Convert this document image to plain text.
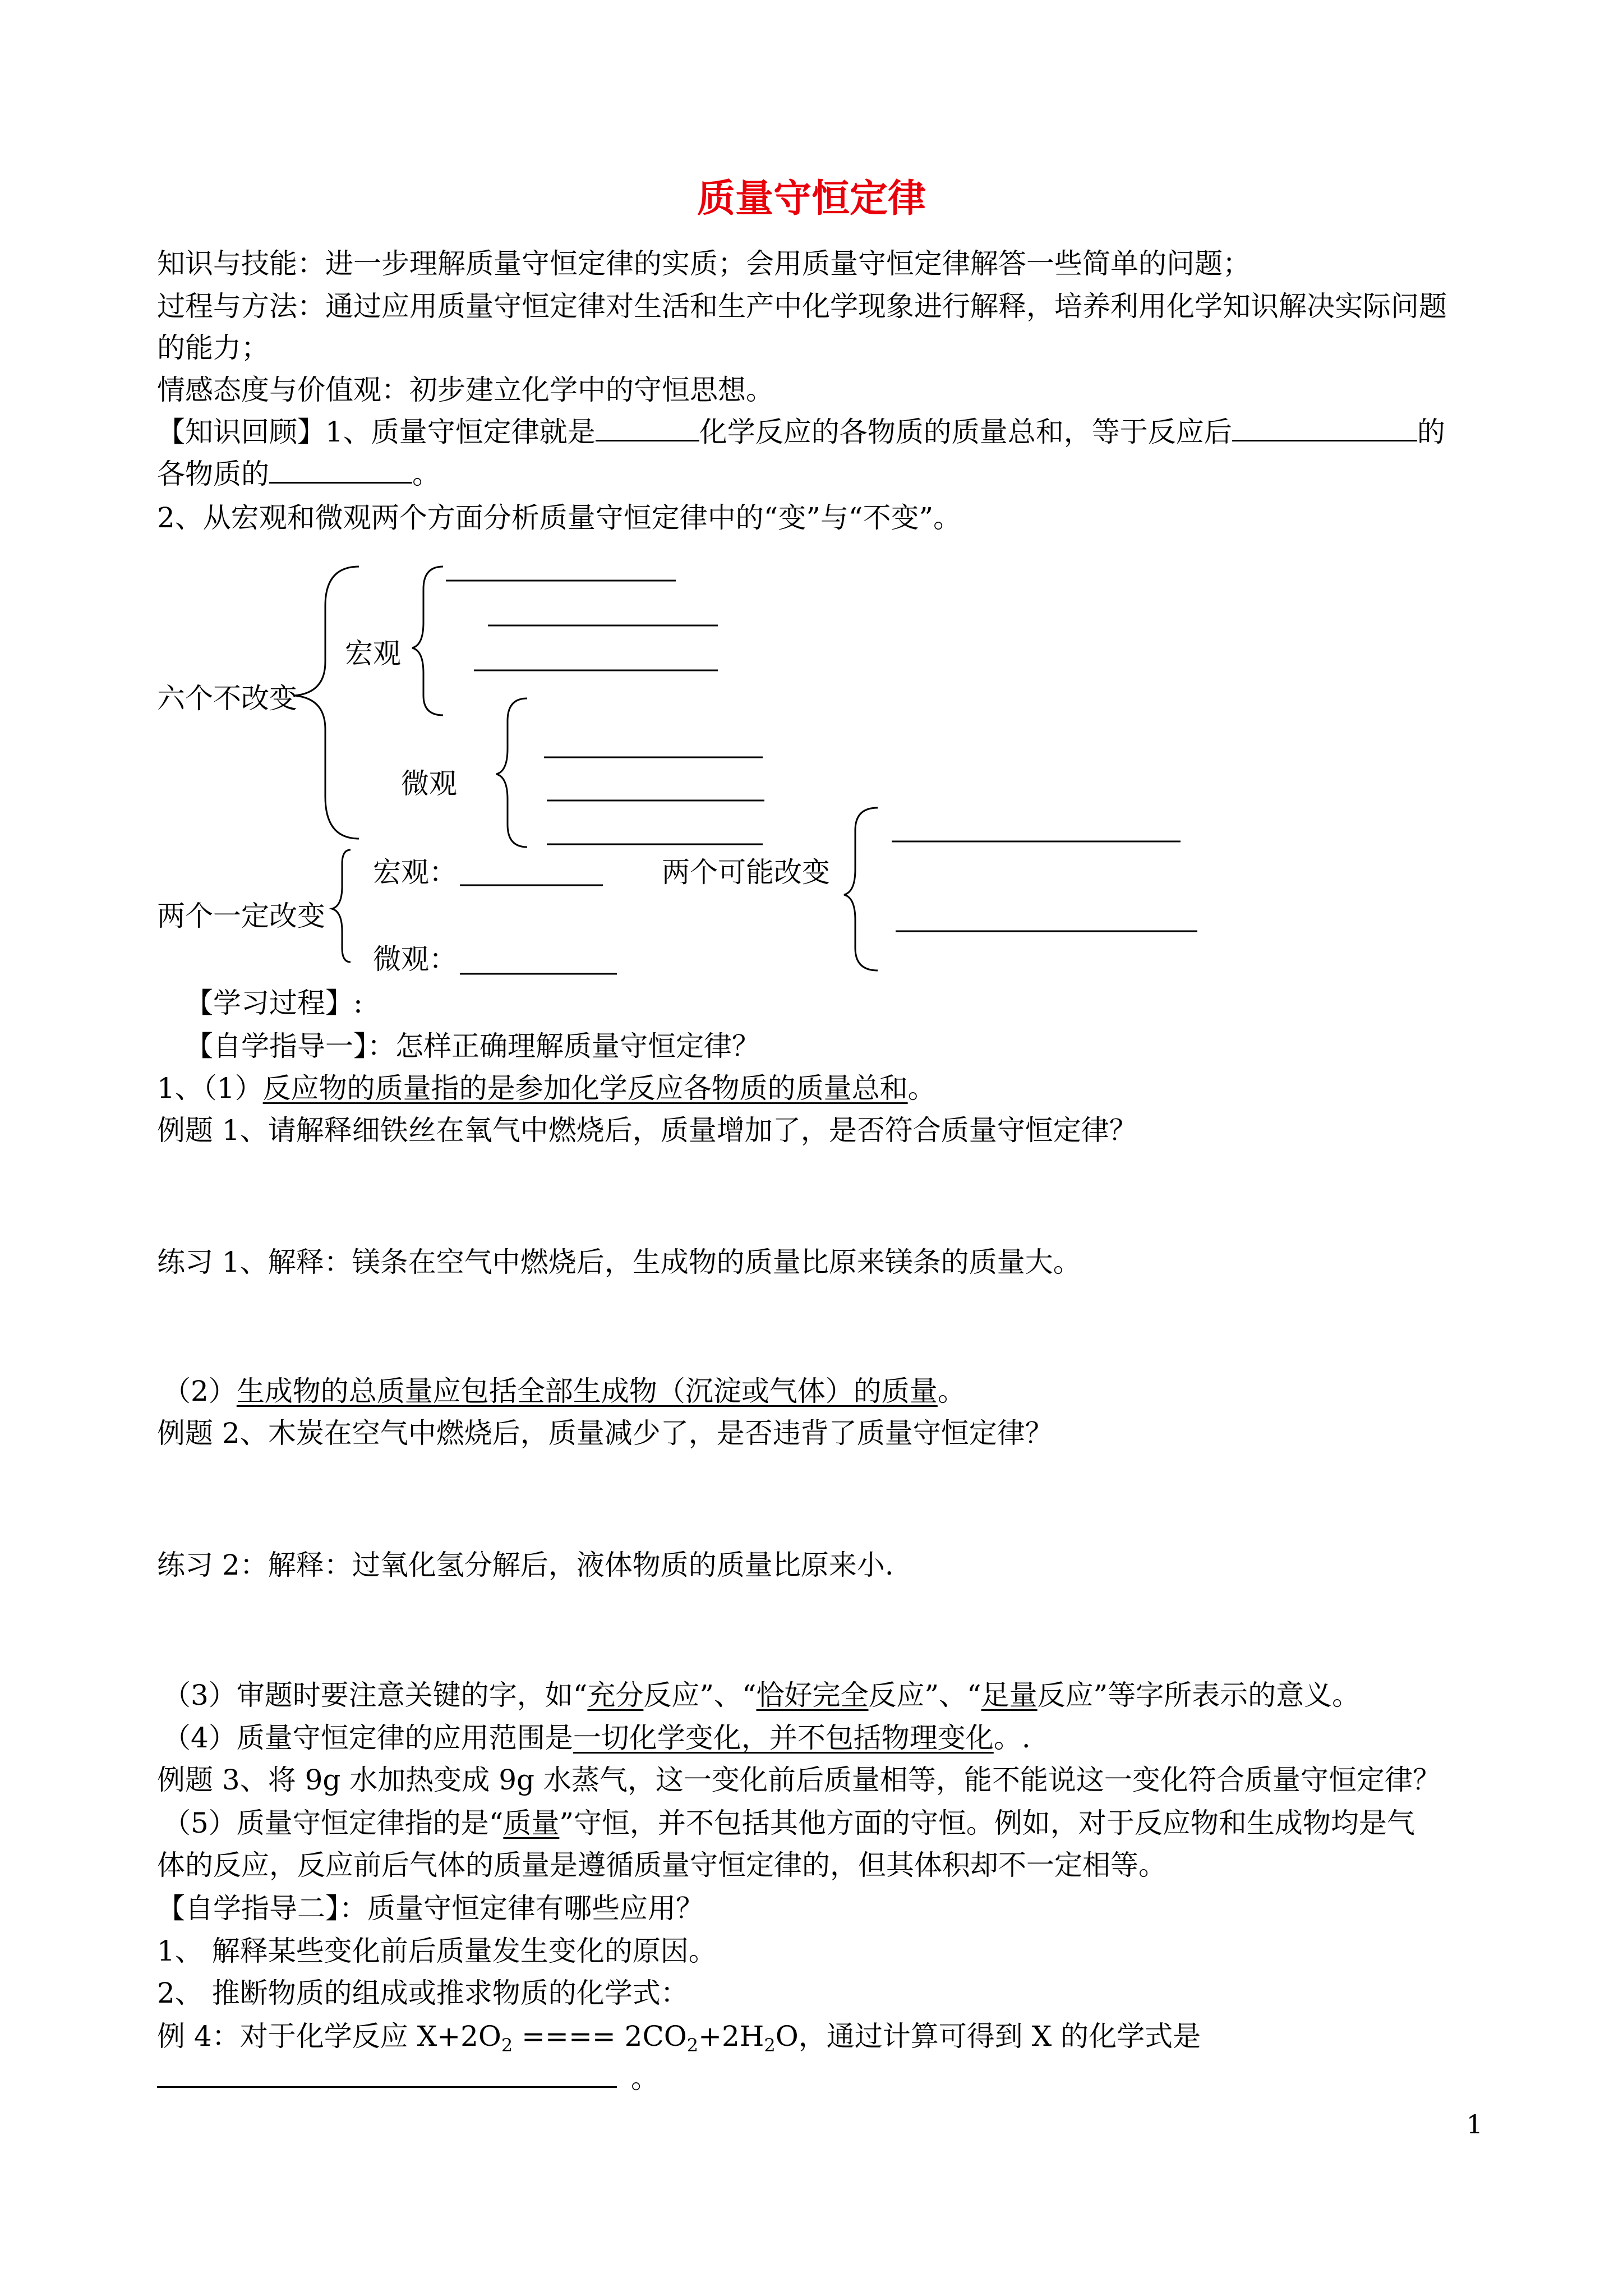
质量守恒定律
知识与技能：进一步理解质量守恒定律的实质；会用质量守恒定律解答一些简单的问题；
过程与方法：通过应用质量守恒定律对生活和生产中化学现象进行解释，培养利用化学知识解决实际问题
的能力；
情感态度与价值观：初步建立化学中的守恒思想。
【知识回顾】1、质量守恒定律就是	化学反应的各物质的质量总和，等于反应后	的
各物质的	。
2、从宏观和微观两个方面分析质量守恒定律中的“变”与“不变”。
六个不改变
宏观
微观
宏观：	两个可能改变
两个一定改变
微观：
【学习过程】:
【自学指导一】：怎样正确理解质量守恒定律？
1、（1）反应物的质量指的是参加化学反应各物质的质量总和。
例题 1、请解释细铁丝在氧气中燃烧后，质量增加了，是否符合质量守恒定律？
练习 1、解释：镁条在空气中燃烧后，生成物的质量比原来镁条的质量大。
（2）生成物的总质量应包括全部生成物（沉淀或气体）的质量。
例题 2、木炭在空气中燃烧后，质量减少了，是否违背了质量守恒定律？
练习 2：解释：过氧化氢分解后，液体物质的质量比原来小.
（3）审题时要注意关键的字，如“充分反应”、“恰好完全反应”、“足量反应”等字所表示的意义。
（4）质量守恒定律的应用范围是一切化学变化，并不包括物理变化。.
例题 3、将 9g 水加热变成 9g 水蒸气，这一变化前后质量相等，能不能说这一变化符合质量守恒定律？
（5）质量守恒定律指的是“质量”守恒，并不包括其他方面的守恒。例如，对于反应物和生成物均是气
体的反应，反应前后气体的质量是遵循质量守恒定律的，但其体积却不一定相等。
【自学指导二】：质量守恒定律有哪些应用？
1、 解释某些变化前后质量发生变化的原因。
2、 推断物质的组成或推求物质的化学式：
例 4：对于化学反应 $X+2O_2$ ==== $2CO_2+2H_2O$，通过计算可得到 X 的化学式是
。
1
